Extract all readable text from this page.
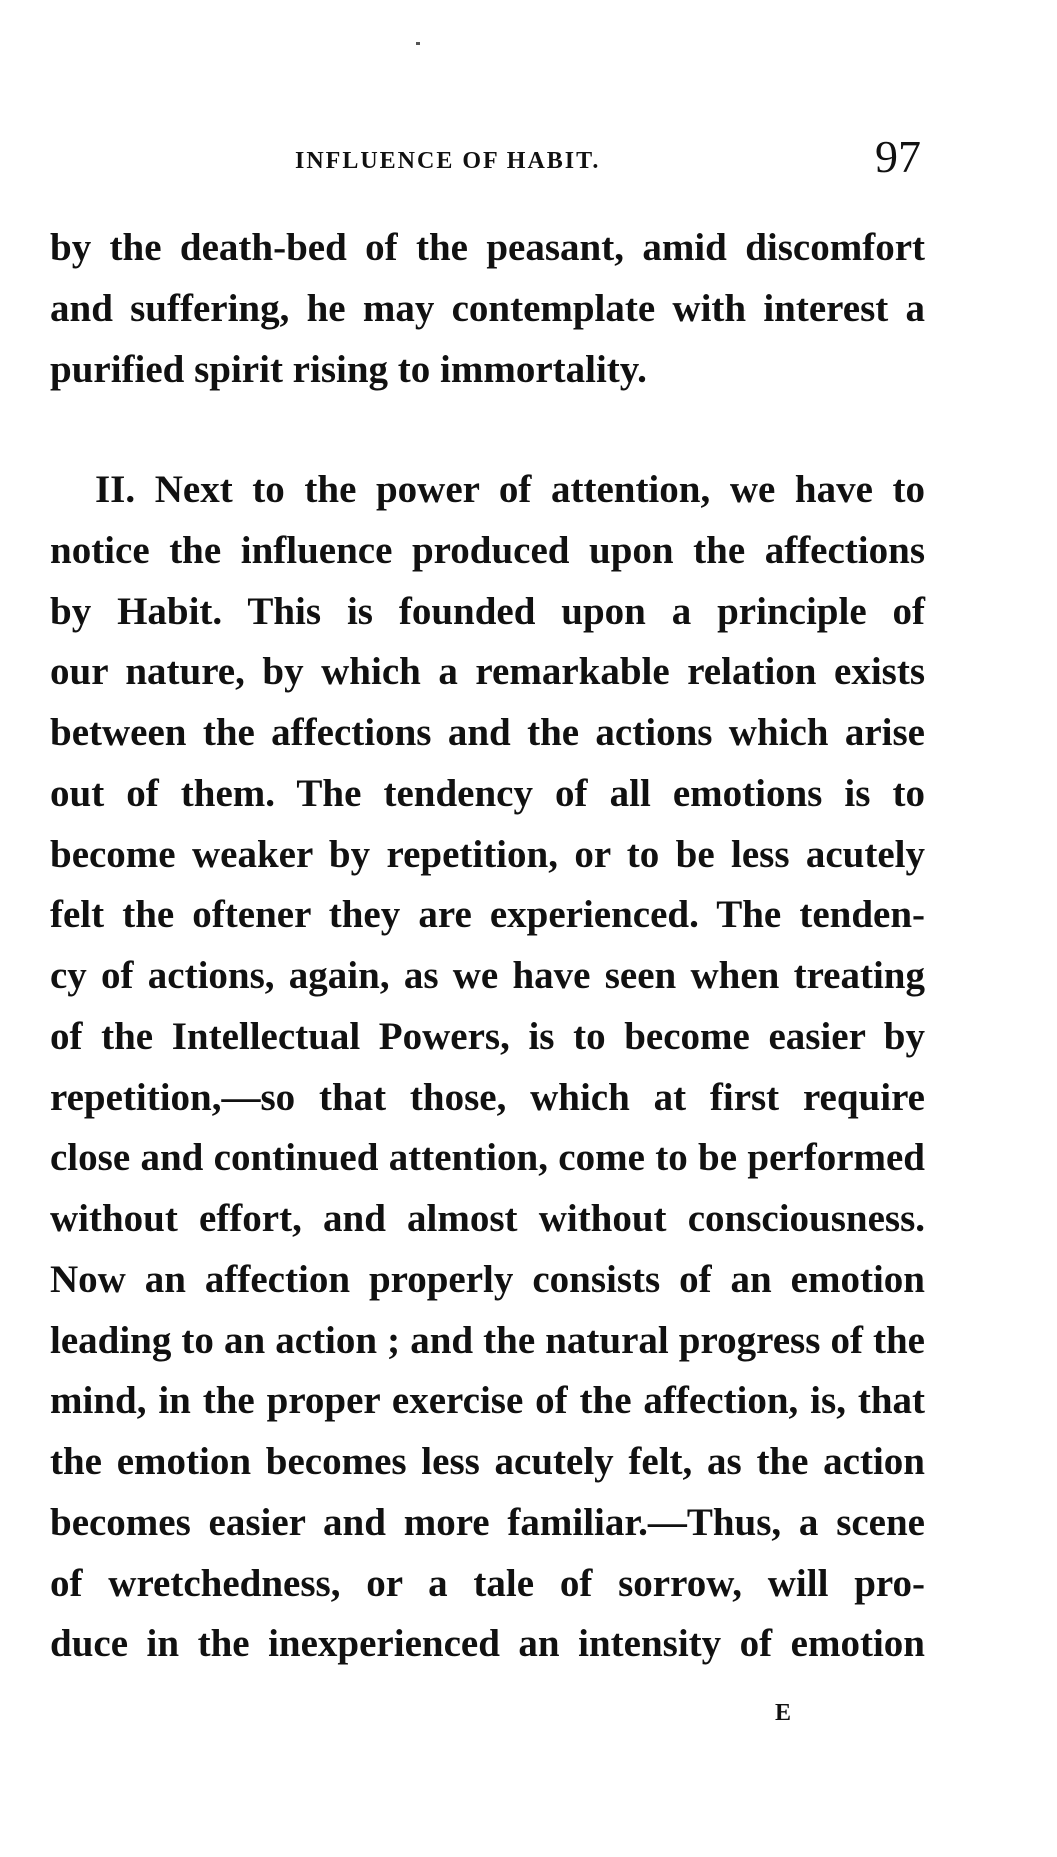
INFLUENCE OF HABIT.	97
by the death-bed of the peasant, amid discomfort
and suffering, he may contemplate with interest a
purified spirit rising to immortality.
II. Next to the power of attention, we have to
notice the influence produced upon the affections
by Habit. This is founded upon a principle of
our nature, by which a remarkable relation exists
between the affections and the actions which arise
out of them. The tendency of all emotions is to
become weaker by repetition, or to be less acutely
felt the oftener they are experienced. The tenden-
cy of actions, again, as we have seen when treating
of the Intellectual Powers, is to become easier by
repetition,—so that those, which at first require
close and continued attention, come to be performed
without effort, and almost without consciousness.
Now an affection properly consists of an emotion
leading to an action ; and the natural progress of the
mind, in the proper exercise of the affection, is, that
the emotion becomes less acutely felt, as the action
becomes easier and more familiar.—Thus, a scene
of wretchedness, or a tale of sorrow, will pro-
duce in the inexperienced an intensity of emotion
E
